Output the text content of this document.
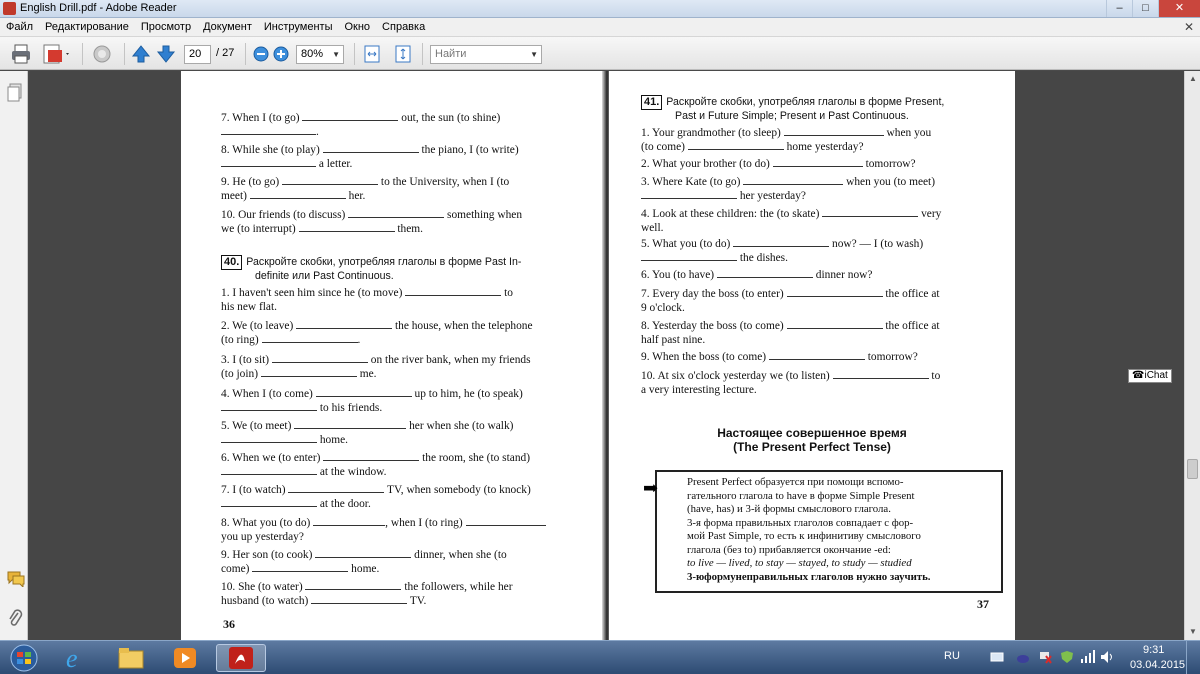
English Drill.pdf - Adobe Reader	–	□	✕
Файл Редактирование Просмотр Документ Инструменты Окно Справка	✕
20	/ 27	80% ▼	Найти	▼
7. When I (to go)	out, the sun (to shine)
.
8. While she (to play)	the piano, I (to write)
a letter.
9. He (to go)	to the University, when I (to
meet)	her.
10. Our friends (to discuss)	something when
we (to interrupt)	them.
40. Раскройте скобки, употребляя глаголы в форме Past In-
definite или Past Continuous.
1. I haven't seen him since he (to move)	to
his new flat.
2. We (to leave)	the house, when the telephone
(to ring)	.
3. I (to sit)	on the river bank, when my friends
(to join)	me.
4. When I (to come)	up to him, he (to speak)
to his friends.
5. We (to meet)	her when she (to walk)
home.
6. When we (to enter)	the room, she (to stand)
at the window.
7. I (to watch)	TV, when somebody (to knock)
at the door.
8. What you (to do)	, when I (to ring)
you up yesterday?
9. Her son (to cook)	dinner, when she (to
come)	home.
10. She (to water)	the followers, while her
husband (to watch)	TV.
36
41. Раскройте скобки, употребляя глаголы в форме Present,
Past и Future Simple; Present и Past Continuous.
1. Your grandmother (to sleep)	when you
(to come)	home yesterday?
2. What your brother (to do)	tomorrow?
3. Where Kate (to go)	when you (to meet)
her yesterday?
4. Look at these children: the (to skate)	very
well.
5. What you (to do)	now? — I (to wash)
the dishes.
6. You (to have)	dinner now?
7. Every day the boss (to enter)	the office at
9 o'clock.
8. Yesterday the boss (to come)	the office at
half past nine.
9. When the boss (to come)	tomorrow?
10. At six o'clock yesterday we (to listen)	to
a very interesting lecture.
Настоящее совершенное время
(The Present Perfect Tense)
➡	Present Perfect образуется при помощи вспомо-
гательного глагола to have в форме Simple Present
(have, has) и 3-й формы смыслового глагола.
3-я форма правильных глаголов совпадает с фор-
мой Past Simple, то есть к инфинитиву смыслового
глагола (без to) прибавляется окончание -ed:
to live — lived, to stay — stayed, to study — studied
3-юформунеправильных глаголов нужно заучить.
37
▲
▼
☎iChat
e	RU	9:31
03.04.2015
